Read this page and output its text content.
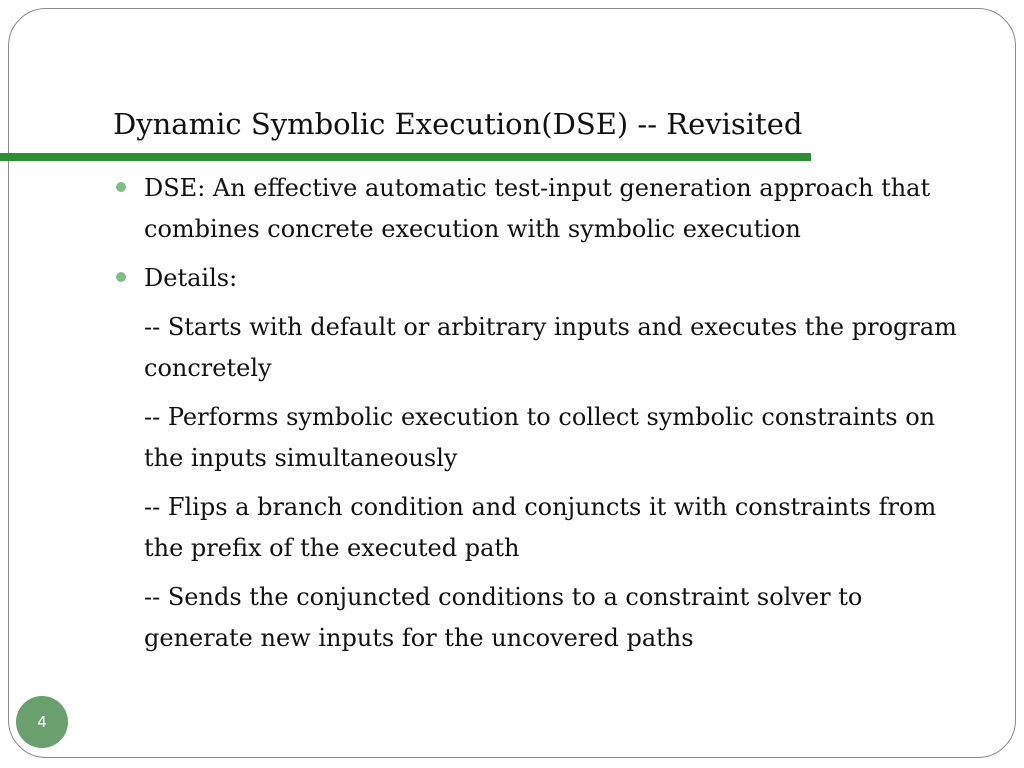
Dynamic Symbolic Execution(DSE) -- Revisited
DSE: An effective automatic test-input generation approach that combines concrete execution with symbolic execution
Details:
-- Starts with default or arbitrary inputs and executes the program concretely
-- Performs symbolic execution to collect symbolic constraints on the inputs simultaneously
-- Flips a branch condition and conjuncts it with constraints from the prefix of the executed path
-- Sends the conjuncted conditions to a constraint solver to generate new inputs for the uncovered paths
4
